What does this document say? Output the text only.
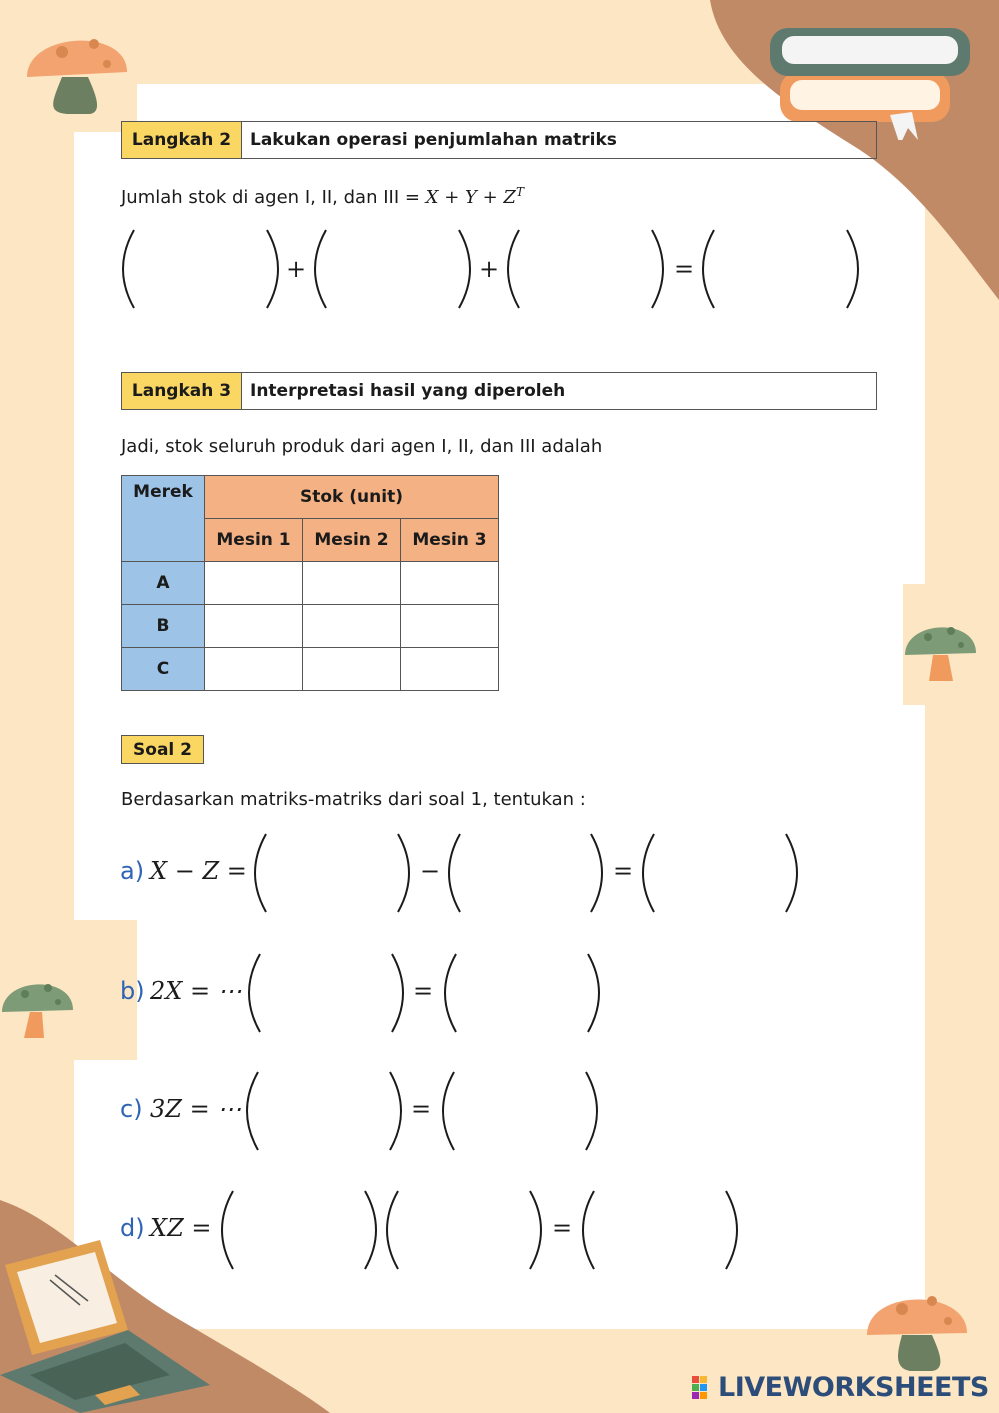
Langkah 2	Lakukan operasi penjumlahan matriks
Jumlah stok di agen I, II, dan III = $X + Y + Z^T$
+	+	=
Langkah 3	Interpretasi hasil yang diperoleh
Jadi, stok seluruh produk dari agen I, II, dan III adalah
Merek	Stok (unit)		
	Mesin 1	Mesin 2	Mesin 3
A			
B			
C			
Soal 2
Berdasarkan matriks-matriks dari soal 1, tentukan :
a) X − Z =	−	=
b) 2X = ⋯	=
c) 3Z = ⋯	=
d) XZ =	=
LIVEWORKSHEETS
